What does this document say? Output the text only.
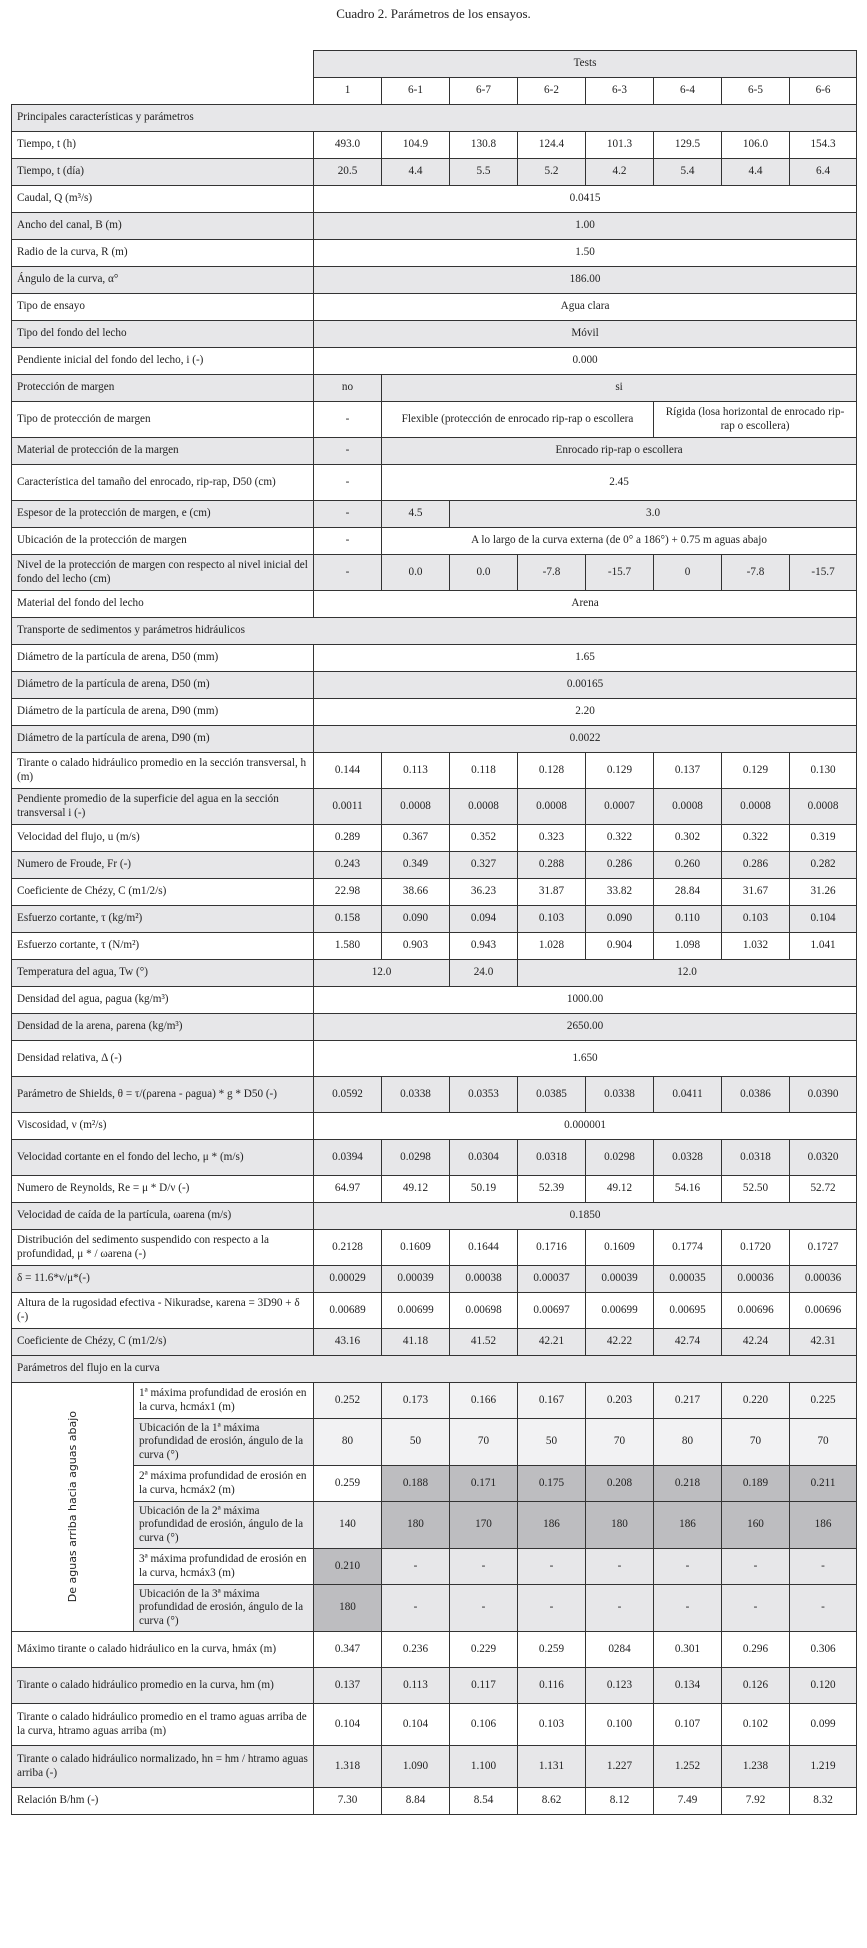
Cuadro 2. Parámetros de los ensayos.
		Tests							
		1	6-1	6-7	6-2	6-3	6-4	6-5	6-6
Principales características y parámetros									
Tiempo, t (h)		493.0	104.9	130.8	124.4	101.3	129.5	106.0	154.3
Tiempo, t (día)		20.5	4.4	5.5	5.2	4.2	5.4	4.4	6.4
Caudal, Q (m³/s)		0.0415							
Ancho del canal, B (m)		1.00							
Radio de la curva, R (m)		1.50							
Ángulo de la curva, α°		186.00							
Tipo de ensayo		Agua clara							
Tipo del fondo del lecho		Móvil							
Pendiente inicial del fondo del lecho, i (-)		0.000							
Protección de margen		no	si						
Tipo de protección de margen		-	Flexible (protección de enrocado rip-rap o escollera				Rígida (losa horizontal de enrocado rip-rap o escollera)		
Material de protección de la margen		-	Enrocado rip-rap o escollera						
Característica del tamaño del enrocado, rip-rap, D50 (cm)		-	2.45						
Espesor de la protección de margen, e (cm)		-	4.5	3.0					
Ubicación de la protección de margen		-	A lo largo de la curva externa (de 0° a 186°) + 0.75 m aguas abajo						
Nivel de la protección de margen con respecto al nivel inicial del fondo del lecho (cm)		-	0.0	0.0	-7.8	-15.7	0	-7.8	-15.7
Material del fondo del lecho		Arena							
Transporte de sedimentos y parámetros hidráulicos									
Diámetro de la partícula de arena, D50 (mm)		1.65							
Diámetro de la partícula de arena, D50 (m)		0.00165							
Diámetro de la partícula de arena, D90 (mm)		2.20							
Diámetro de la partícula de arena, D90 (m)		0.0022							
Tirante o calado hidráulico promedio en la sección transversal, h (m)		0.144	0.113	0.118	0.128	0.129	0.137	0.129	0.130
Pendiente promedio de la superficie del agua en la sección transversal i (-)		0.0011	0.0008	0.0008	0.0008	0.0007	0.0008	0.0008	0.0008
Velocidad del flujo, u (m/s)		0.289	0.367	0.352	0.323	0.322	0.302	0.322	0.319
Numero de Froude, Fr (-)		0.243	0.349	0.327	0.288	0.286	0.260	0.286	0.282
Coeficiente de Chézy, C (m1/2/s)		22.98	38.66	36.23	31.87	33.82	28.84	31.67	31.26
Esfuerzo cortante, τ (kg/m²)		0.158	0.090	0.094	0.103	0.090	0.110	0.103	0.104
Esfuerzo cortante, τ (N/m²)		1.580	0.903	0.943	1.028	0.904	1.098	1.032	1.041
Temperatura del agua, Tw (°)		12.0		24.0	12.0				
Densidad del agua, ρagua (kg/m³)		1000.00							
Densidad de la arena, ρarena (kg/m³)		2650.00							
Densidad relativa, Δ (-)		1.650							
Parámetro de Shields, θ = τ/(ρarena - ρagua) * g * D50 (-)		0.0592	0.0338	0.0353	0.0385	0.0338	0.0411	0.0386	0.0390
Viscosidad, ν (m²/s)		0.000001							
Velocidad cortante en el fondo del lecho, μ * (m/s)		0.0394	0.0298	0.0304	0.0318	0.0298	0.0328	0.0318	0.0320
Numero de Reynolds, Re = μ * D/ν (-)		64.97	49.12	50.19	52.39	49.12	54.16	52.50	52.72
Velocidad de caída de la partícula, ωarena (m/s)		0.1850							
Distribución del sedimento suspendido con respecto a la profundidad, μ * / ωarena (-)		0.2128	0.1609	0.1644	0.1716	0.1609	0.1774	0.1720	0.1727
δ = 11.6*ν/μ*(-)		0.00029	0.00039	0.00038	0.00037	0.00039	0.00035	0.00036	0.00036
Altura de la rugosidad efectiva - Nikuradse, κarena = 3D90 + δ (-)		0.00689	0.00699	0.00698	0.00697	0.00699	0.00695	0.00696	0.00696
Coeficiente de Chézy, C (m1/2/s)		43.16	41.18	41.52	42.21	42.22	42.74	42.24	42.31
Parámetros del flujo en la curva									

De aguas arriba hacia aguas abajo	1ª máxima profundidad de erosión en la curva, hcmáx1 (m)	0.252	0.173	0.166	0.167	0.203	0.217	0.220	0.225
	Ubicación de la 1ª máxima profundidad de erosión, ángulo de la curva (°)	80	50	70	50	70	80	70	70
	2ª máxima profundidad de erosión en la curva, hcmáx2 (m)	0.259	0.188	0.171	0.175	0.208	0.218	0.189	0.211
	Ubicación de la 2ª máxima profundidad de erosión, ángulo de la curva (°)	140	180	170	186	180	186	160	186
	3ª máxima profundidad de erosión en la curva, hcmáx3 (m)	0.210	-	-	-	-	-	-	-
	Ubicación de la 3ª máxima profundidad de erosión, ángulo de la curva (°)	180	-	-	-	-	-	-	-
Máximo tirante o calado hidráulico en la curva, hmáx (m)		0.347	0.236	0.229	0.259	0284	0.301	0.296	0.306
Tirante o calado hidráulico promedio en la curva, hm (m)		0.137	0.113	0.117	0.116	0.123	0.134	0.126	0.120
Tirante o calado hidráulico promedio en el tramo aguas arriba de la curva, htramo aguas arriba (m)		0.104	0.104	0.106	0.103	0.100	0.107	0.102	0.099
Tirante o calado hidráulico normalizado, hn = hm / htramo aguas arriba (-)		1.318	1.090	1.100	1.131	1.227	1.252	1.238	1.219
Relación B/hm (-)		7.30	8.84	8.54	8.62	8.12	7.49	7.92	8.32
